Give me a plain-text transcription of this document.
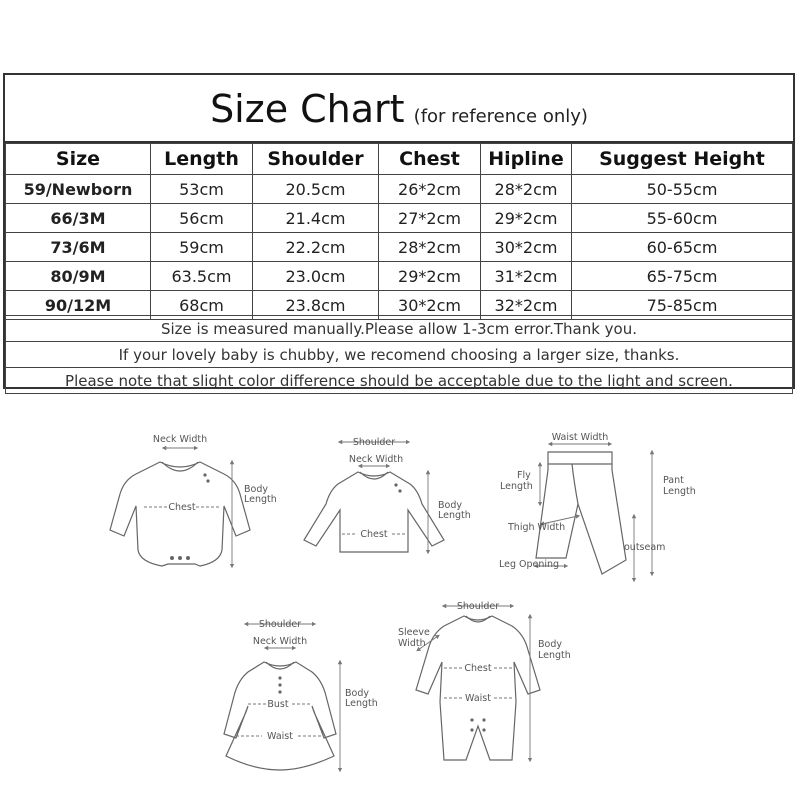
Size Chart (for reference only)
Size	Length	Shoulder	Chest	Hipline	Suggest Height
59/Newborn	53cm	20.5cm	26*2cm	28*2cm	50-55cm
66/3M	56cm	21.4cm	27*2cm	29*2cm	55-60cm
73/6M	59cm	22.2cm	28*2cm	30*2cm	60-65cm
80/9M	63.5cm	23.0cm	29*2cm	31*2cm	65-75cm
90/12M	68cm	23.8cm	30*2cm	32*2cm	75-85cm
Size is measured manually.Please allow 1-3cm error.Thank you.
If your lovely baby is chubby, we recomend choosing a larger size, thanks.
Please note that slight color difference should be acceptable due to the light and screen.
Neck Width
Chest
Body
Length
Shoulder
Neck Width
Chest
Body
Length
Waist Width
Fly
Length
Pant
Length
Thigh Width
outseam
Leg Opening
Shoulder
Neck Width
Bust
Waist
Body
Length
Shoulder
Sleeve
Width
Chest
Waist
Body
Length
